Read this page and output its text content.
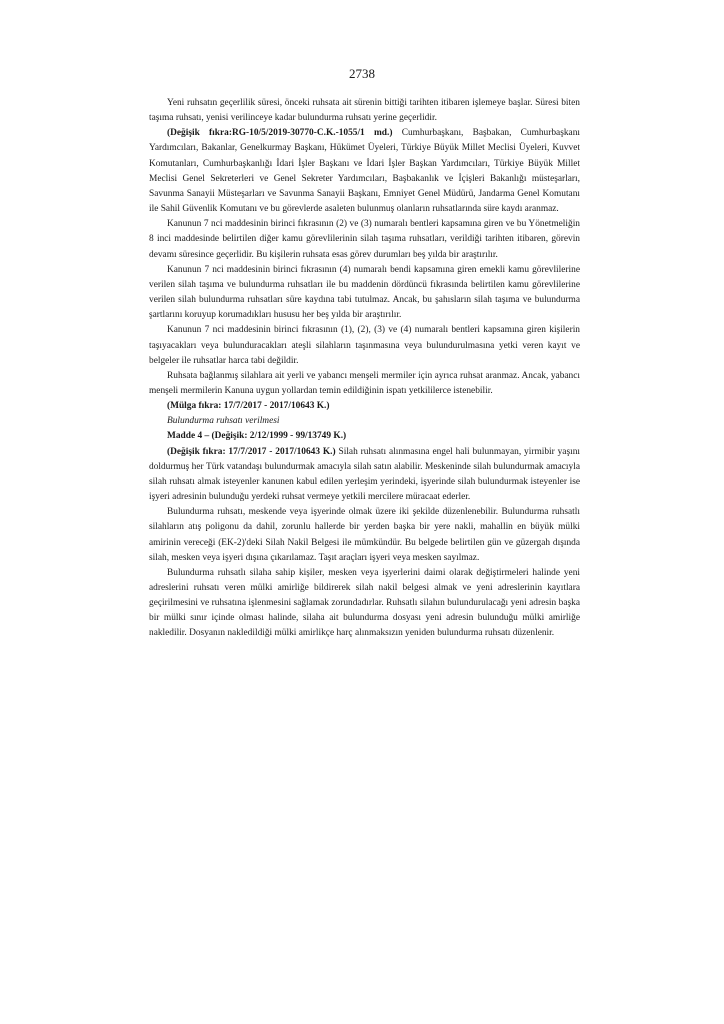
2738

Yeni ruhsatın geçerlilik süresi, önceki ruhsata ait sürenin bittiği tarihten itibaren işlemeye başlar. Süresi biten taşıma ruhsatı, yenisi verilinceye kadar bulundurma ruhsatı yerine geçerlidir.

(Değişik fıkra:RG-10/5/2019-30770-C.K.-1055/1 md.) Cumhurbaşkanı, Başbakan, Cumhurbaşkanı Yardımcıları, Bakanlar, Genelkurmay Başkanı, Hükümet Üyeleri, Türkiye Büyük Millet Meclisi Üyeleri, Kuvvet Komutanları, Cumhurbaşkanlığı İdari İşler Başkanı ve İdari İşler Başkan Yardımcıları, Türkiye Büyük Millet Meclisi Genel Sekreterleri ve Genel Sekreter Yardımcıları, Başbakanlık ve İçişleri Bakanlığı müsteşarları, Savunma Sanayii Müsteşarları ve Savunma Sanayii Başkanı, Emniyet Genel Müdürü, Jandarma Genel Komutanı ile Sahil Güvenlik Komutanı ve bu görevlerde asaleten bulunmuş olanların ruhsatlarında süre kaydı aranmaz.

Kanunun 7 nci maddesinin birinci fıkrasının (2) ve (3) numaralı bentleri kapsamına giren ve bu Yönetmeliğin 8 inci maddesinde belirtilen diğer kamu görevlilerinin silah taşıma ruhsatları, verildiği tarihten itibaren, görevin devamı süresince geçerlidir. Bu kişilerin ruhsata esas görev durumları beş yılda bir araştırılır.

Kanunun 7 nci maddesinin birinci fıkrasının (4) numaralı bendi kapsamına giren emekli kamu görevlilerine verilen silah taşıma ve bulundurma ruhsatları ile bu maddenin dördüncü fıkrasında belirtilen kamu görevlilerine verilen silah bulundurma ruhsatları süre kaydına tabi tutulmaz. Ancak, bu şahısların silah taşıma ve bulundurma şartlarını koruyup korumadıkları hususu her beş yılda bir araştırılır.

Kanunun 7 nci maddesinin birinci fıkrasının (1), (2), (3) ve (4) numaralı bentleri kapsamına giren kişilerin taşıyacakları veya bulunduracakları ateşli silahların taşınmasına veya bulundurulmasına yetki veren kayıt ve belgeler ile ruhsatlar harca tabi değildir.

Ruhsata bağlanmış silahlara ait yerli ve yabancı menşeli mermiler için ayrıca ruhsat aranmaz. Ancak, yabancı menşeli mermilerin Kanuna uygun yollardan temin edildiğinin ispatı yetkililerce istenebilir.

(Mülga fıkra: 17/7/2017 - 2017/10643 K.)

Bulundurma ruhsatı verilmesi

Madde 4 – (Değişik: 2/12/1999 - 99/13749 K.)

(Değişik fıkra: 17/7/2017 - 2017/10643 K.) Silah ruhsatı alınmasına engel hali bulunmayan, yirmibir yaşını doldurmuş her Türk vatandaşı bulundurmak amacıyla silah satın alabilir. Meskeninde silah bulundurmak amacıyla silah ruhsatı almak isteyenler kanunen kabul edilen yerleşim yerindeki, işyerinde silah bulundurmak isteyenler ise işyeri adresinin bulunduğu yerdeki ruhsat vermeye yetkili mercilere müracaat ederler.

Bulundurma ruhsatı, meskende veya işyerinde olmak üzere iki şekilde düzenlenebilir. Bulundurma ruhsatlı silahların atış poligonu da dahil, zorunlu hallerde bir yerden başka bir yere nakli, mahallin en büyük mülki amirinin vereceği (EK-2)'deki Silah Nakil Belgesi ile mümkündür. Bu belgede belirtilen gün ve güzergah dışında silah, mesken veya işyeri dışına çıkarılamaz. Taşıt araçları işyeri veya mesken sayılmaz.

Bulundurma ruhsatlı silaha sahip kişiler, mesken veya işyerlerini daimi olarak değiştirmeleri halinde yeni adreslerini ruhsatı veren mülki amirliğe bildirerek silah nakil belgesi almak ve yeni adreslerinin kayıtlara geçirilmesini ve ruhsatına işlenmesini sağlamak zorundadırlar. Ruhsatlı silahın bulundurulacağı yeni adresin başka bir mülki sınır içinde olması halinde, silaha ait bulundurma dosyası yeni adresin bulunduğu mülki amirliğe nakledilir. Dosyanın nakledildiği mülki amirlikçe harç alınmaksızın yeniden bulundurma ruhsatı düzenlenir.
